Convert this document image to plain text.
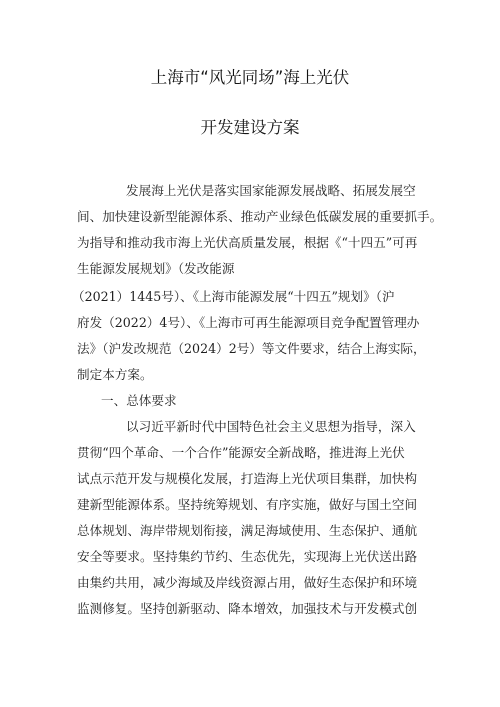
上海市“风光同场”海上光伏
开发建设方案
发展海上光伏是落实国家能源发展战略、拓展发展空
间、加快建设新型能源体系、推动产业绿色低碳发展的重要抓手。
为指导和推动我市海上光伏高质量发展，根据《“十四五”可再
生能源发展规划》（发改能源
（2021）1445号）、《上海市能源发展“十四五”规划》（沪
府发（2022）4号）、《上海市可再生能源项目竞争配置管理办
法》（沪发改规范（2024）2号）等文件要求，结合上海实际，
制定本方案。
一、总体要求
以习近平新时代中国特色社会主义思想为指导，深入
贯彻“四个革命、一个合作”能源安全新战略，推进海上光伏
试点示范开发与规模化发展，打造海上光伏项目集群，加快构
建新型能源体系。坚持统筹规划、有序实施，做好与国土空间
总体规划、海岸带规划衔接，满足海域使用、生态保护、通航
安全等要求。坚持集约节约、生态优先，实现海上光伏送出路
由集约共用，减少海域及岸线资源占用，做好生态保护和环境
监测修复。坚持创新驱动、降本增效，加强技术与开发模式创
